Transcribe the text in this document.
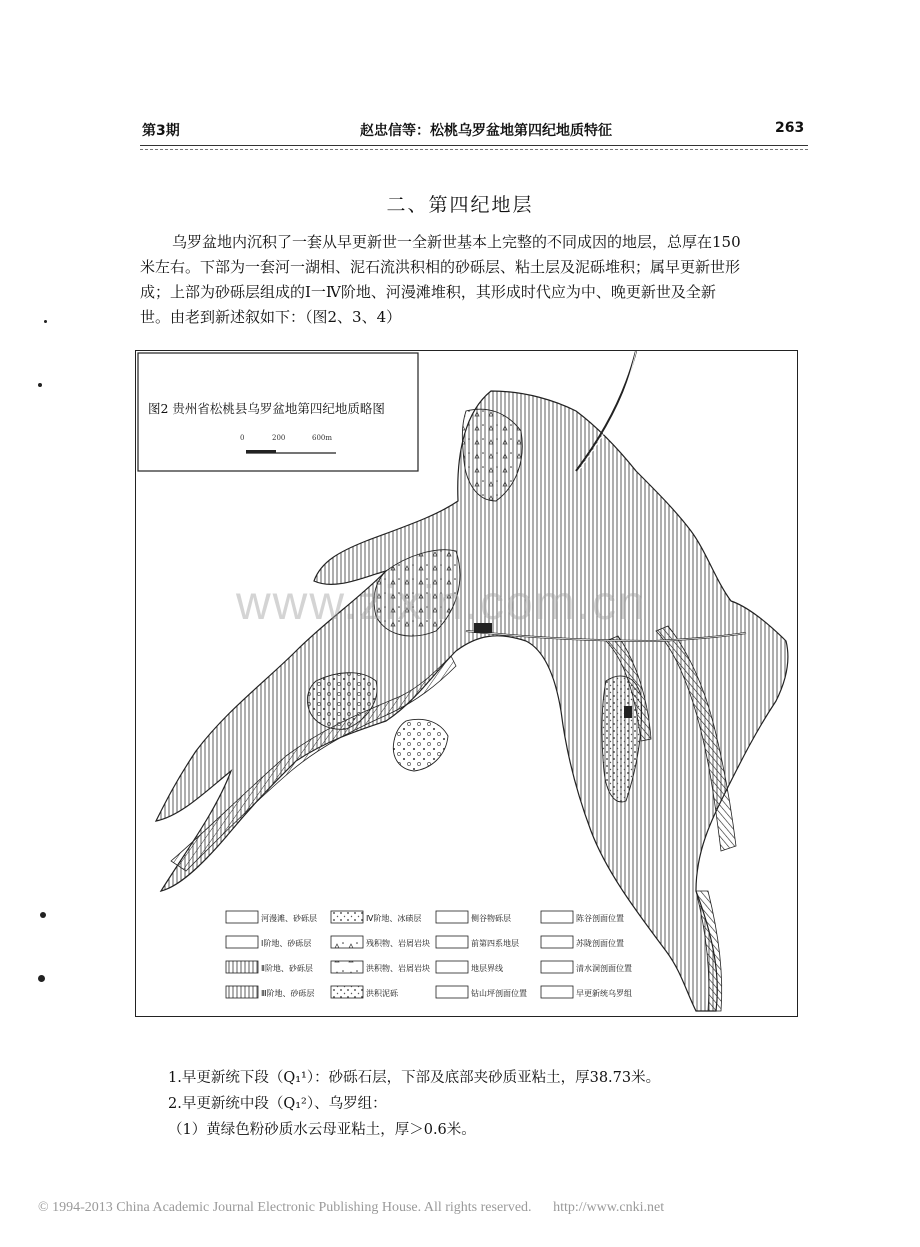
第3期	赵忠信等：松桃乌罗盆地第四纪地质特征	263
二、第四纪地层
乌罗盆地内沉积了一套从早更新世一全新世基本上完整的不同成因的地层，总厚在150
米左右。下部为一套河一湖相、泥石流洪积相的砂砾层、粘土层及泥砾堆积；属早更新世形
成；上部为砂砾层组成的Ⅰ一Ⅳ阶地、河漫滩堆积，其形成时代应为中、晚更新世及全新
世。由老到新述叙如下：（图2、3、4）
图2 贵州省松桃县乌罗盆地第四纪地质略图
0	200	600m
www.zixin.com.cn
河漫滩、砂砾层
Ⅰ阶地、砂砾层
Ⅱ阶地、砂砾层
Ⅲ阶地、砂砾层
Ⅳ阶地、冰碛层
残积物、岩屑岩块
洪积物、岩屑岩块
洪积泥砾
侧谷物砾层
前第四系地层
地层界线
钻山坪剖面位置
陈谷剖面位置
苏陇剖面位置
清水洞剖面位置
早更新统乌罗组
1.早更新统下段（Q₁¹）：砂砾石层，下部及底部夹砂质亚粘土，厚38.73米。
2.早更新统中段（Q₁²）、乌罗组：
（1）黄绿色粉砂质水云母亚粘土，厚＞0.6米。
© 1994-2013 China Academic Journal Electronic Publishing House. All rights reserved. http://www.cnki.net
